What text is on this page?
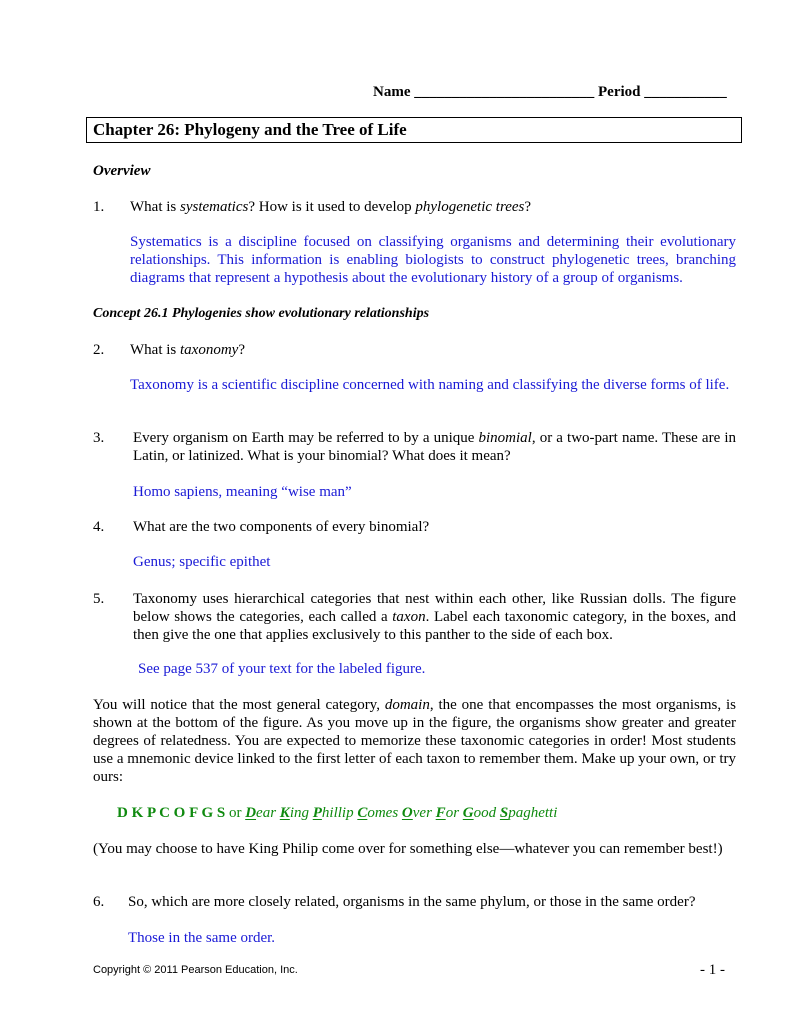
Name ________________________ Period ___________
Chapter 26: Phylogeny and the Tree of Life
Overview
1. What is systematics? How is it used to develop phylogenetic trees?
Systematics is a discipline focused on classifying organisms and determining their evolutionary relationships. This information is enabling biologists to construct phylogenetic trees, branching diagrams that represent a hypothesis about the evolutionary history of a group of organisms.
Concept 26.1 Phylogenies show evolutionary relationships
2. What is taxonomy?
Taxonomy is a scientific discipline concerned with naming and classifying the diverse forms of life.
3. Every organism on Earth may be referred to by a unique binomial, or a two-part name. These are in Latin, or latinized. What is your binomial? What does it mean?
Homo sapiens, meaning “wise man”
4. What are the two components of every binomial?
Genus; specific epithet
5. Taxonomy uses hierarchical categories that nest within each other, like Russian dolls. The figure below shows the categories, each called a taxon. Label each taxonomic category, in the boxes, and then give the one that applies exclusively to this panther to the side of each box.
See page 537 of your text for the labeled figure.
You will notice that the most general category, domain, the one that encompasses the most organisms, is shown at the bottom of the figure. As you move up in the figure, the organisms show greater and greater degrees of relatedness. You are expected to memorize these taxonomic categories in order! Most students use a mnemonic device linked to the first letter of each taxon to remember them. Make up your own, or try ours:
D K P C O F G S or Dear King Phillip Comes Over For Good Spaghetti
(You may choose to have King Philip come over for something else—whatever you can remember best!)
6. So, which are more closely related, organisms in the same phylum, or those in the same order?
Those in the same order.
Copyright © 2011 Pearson Education, Inc.	- 1 -
